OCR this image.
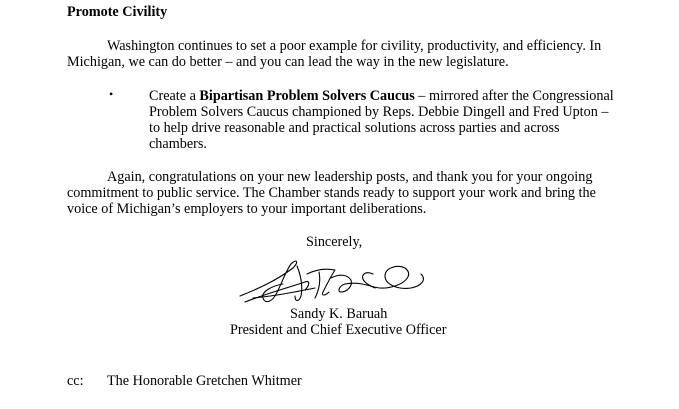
Promote Civility
Washington continues to set a poor example for civility, productivity, and efficiency. In
Michigan, we can do better – and you can lead the way in the new legislature.
•	Create a Bipartisan Problem Solvers Caucus – mirrored after the Congressional
Problem Solvers Caucus championed by Reps. Debbie Dingell and Fred Upton –
to help drive reasonable and practical solutions across parties and across
chambers.
Again, congratulations on your new leadership posts, and thank you for your ongoing
commitment to public service. The Chamber stands ready to support your work and bring the
voice of Michigan’s employers to your important deliberations.
Sincerely,
Sandy K. Baruah
President and Chief Executive Officer
cc: The Honorable Gretchen Whitmer
